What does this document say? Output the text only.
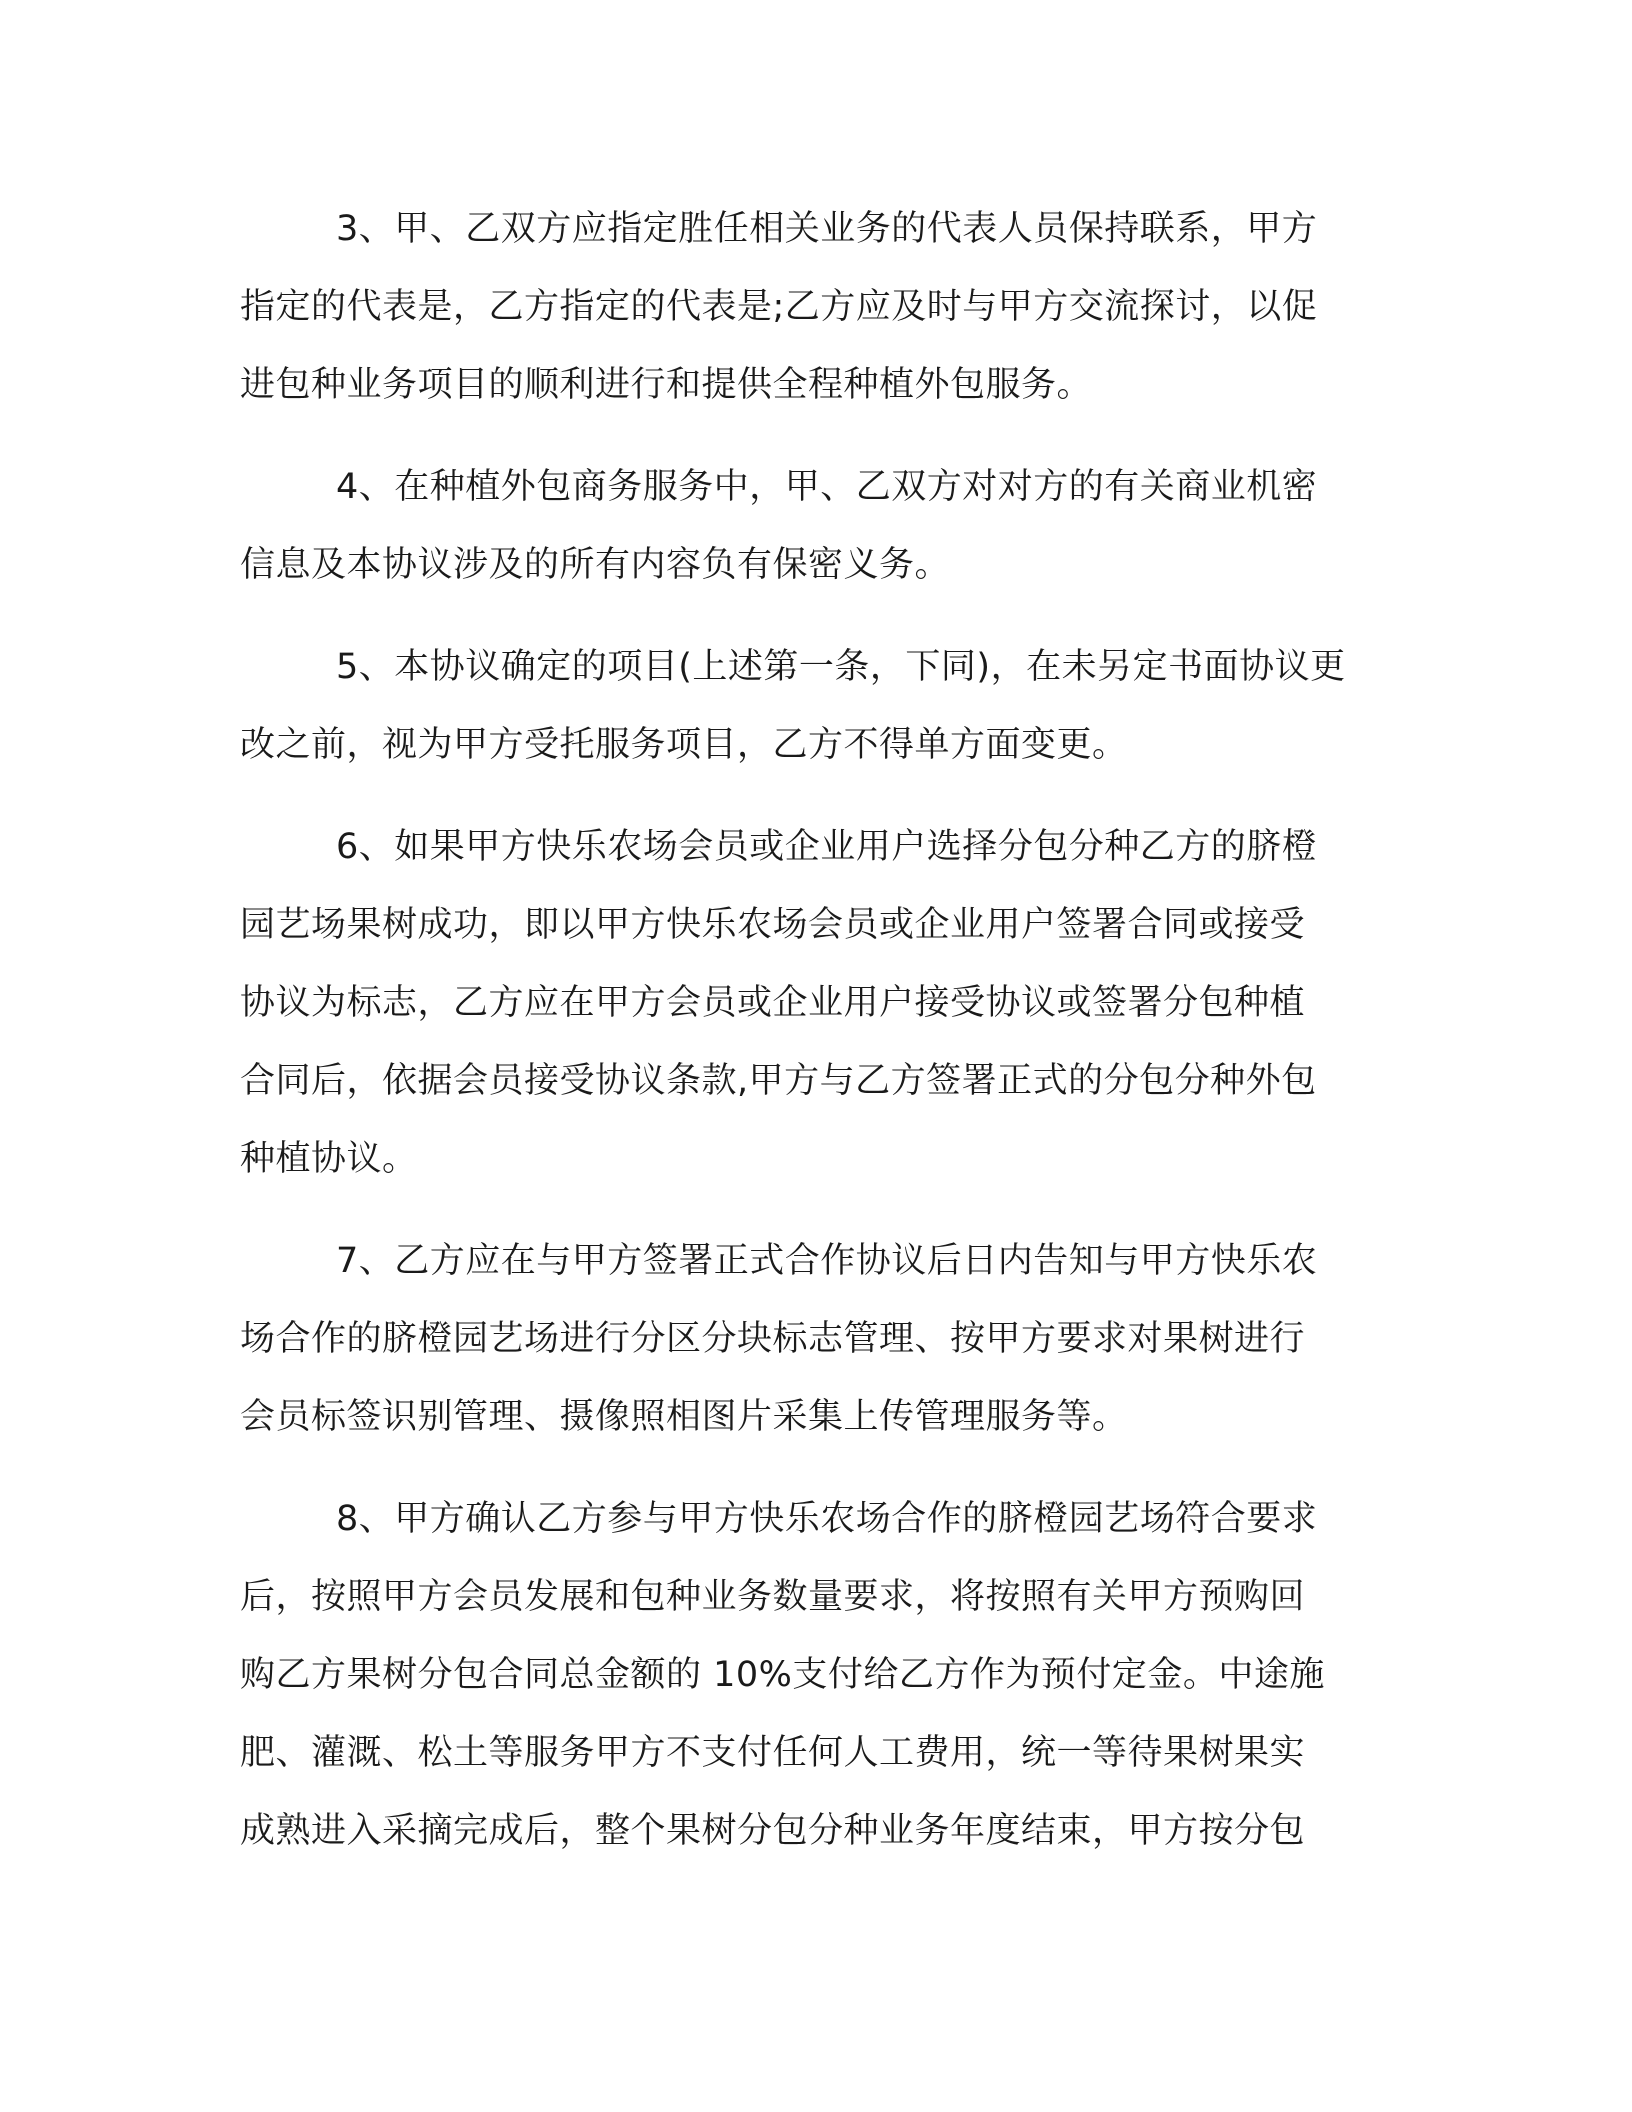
3、甲、乙双方应指定胜任相关业务的代表人员保持联系，甲方
指定的代表是，乙方指定的代表是;乙方应及时与甲方交流探讨，以促
进包种业务项目的顺利进行和提供全程种植外包服务。

4、在种植外包商务服务中，甲、乙双方对对方的有关商业机密
信息及本协议涉及的所有内容负有保密义务。

5、本协议确定的项目(上述第一条，下同)，在未另定书面协议更
改之前，视为甲方受托服务项目，乙方不得单方面变更。

6、如果甲方快乐农场会员或企业用户选择分包分种乙方的脐橙
园艺场果树成功，即以甲方快乐农场会员或企业用户签署合同或接受
协议为标志，乙方应在甲方会员或企业用户接受协议或签署分包种植
合同后，依据会员接受协议条款,甲方与乙方签署正式的分包分种外包
种植协议。

7、乙方应在与甲方签署正式合作协议后日内告知与甲方快乐农
场合作的脐橙园艺场进行分区分块标志管理、按甲方要求对果树进行
会员标签识别管理、摄像照相图片采集上传管理服务等。

8、甲方确认乙方参与甲方快乐农场合作的脐橙园艺场符合要求
后，按照甲方会员发展和包种业务数量要求，将按照有关甲方预购回
购乙方果树分包合同总金额的 10%支付给乙方作为预付定金。中途施
肥、灌溉、松土等服务甲方不支付任何人工费用，统一等待果树果实
成熟进入采摘完成后，整个果树分包分种业务年度结束，甲方按分包
